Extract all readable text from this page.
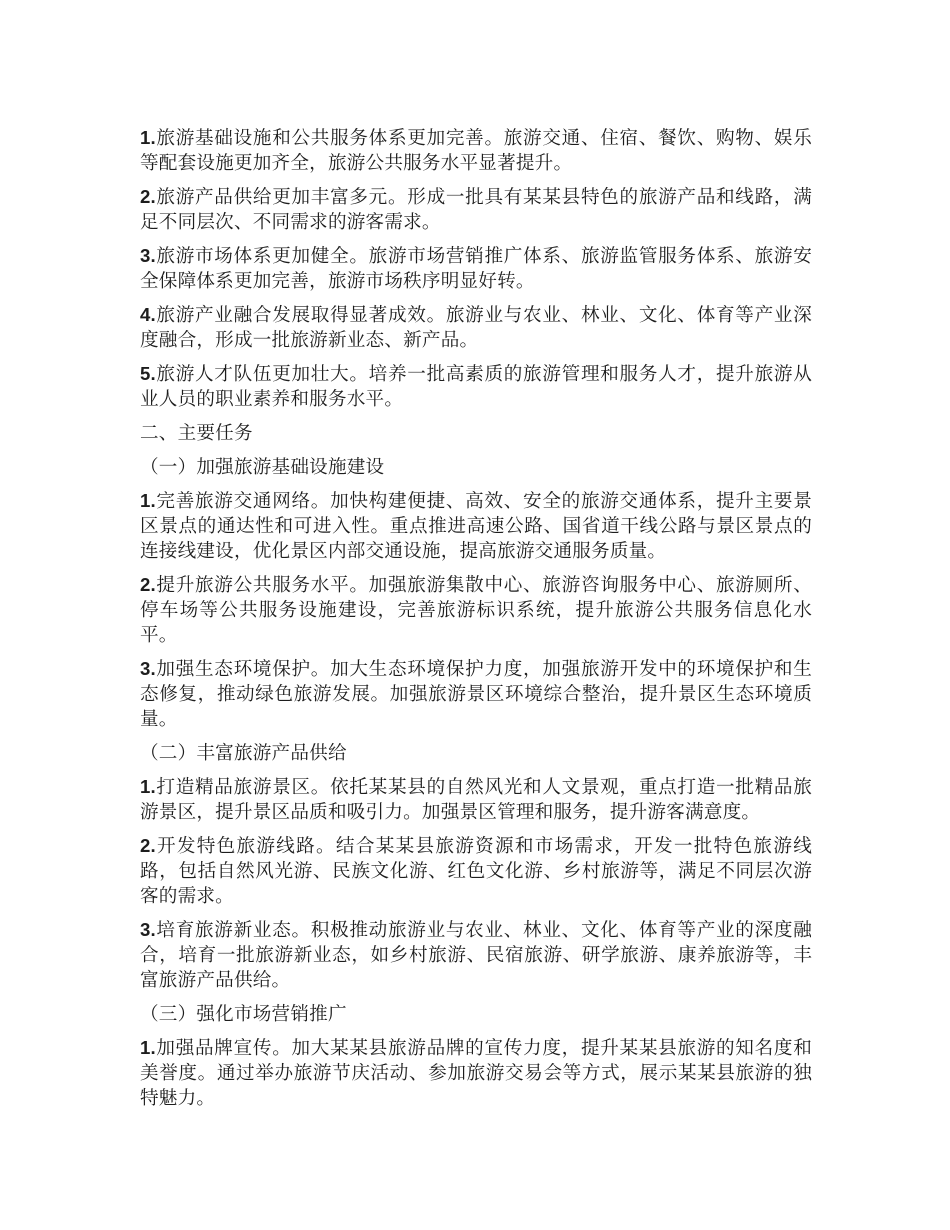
1.旅游基础设施和公共服务体系更加完善。旅游交通、住宿、餐饮、购物、娱乐等配套设施更加齐全，旅游公共服务水平显著提升。

2.旅游产品供给更加丰富多元。形成一批具有某某县特色的旅游产品和线路，满足不同层次、不同需求的游客需求。

3.旅游市场体系更加健全。旅游市场营销推广体系、旅游监管服务体系、旅游安全保障体系更加完善，旅游市场秩序明显好转。

4.旅游产业融合发展取得显著成效。旅游业与农业、林业、文化、体育等产业深度融合，形成一批旅游新业态、新产品。

5.旅游人才队伍更加壮大。培养一批高素质的旅游管理和服务人才，提升旅游从业人员的职业素养和服务水平。

二、主要任务

（一）加强旅游基础设施建设

1.完善旅游交通网络。加快构建便捷、高效、安全的旅游交通体系，提升主要景区景点的通达性和可进入性。重点推进高速公路、国省道干线公路与景区景点的连接线建设，优化景区内部交通设施，提高旅游交通服务质量。

2.提升旅游公共服务水平。加强旅游集散中心、旅游咨询服务中心、旅游厕所、停车场等公共服务设施建设，完善旅游标识系统，提升旅游公共服务信息化水平。

3.加强生态环境保护。加大生态环境保护力度，加强旅游开发中的环境保护和生态修复，推动绿色旅游发展。加强旅游景区环境综合整治，提升景区生态环境质量。

（二）丰富旅游产品供给

1.打造精品旅游景区。依托某某县的自然风光和人文景观，重点打造一批精品旅游景区，提升景区品质和吸引力。加强景区管理和服务，提升游客满意度。

2.开发特色旅游线路。结合某某县旅游资源和市场需求，开发一批特色旅游线路，包括自然风光游、民族文化游、红色文化游、乡村旅游等，满足不同层次游客的需求。

3.培育旅游新业态。积极推动旅游业与农业、林业、文化、体育等产业的深度融合，培育一批旅游新业态，如乡村旅游、民宿旅游、研学旅游、康养旅游等，丰富旅游产品供给。

（三）强化市场营销推广

1.加强品牌宣传。加大某某县旅游品牌的宣传力度，提升某某县旅游的知名度和美誉度。通过举办旅游节庆活动、参加旅游交易会等方式，展示某某县旅游的独特魅力。
